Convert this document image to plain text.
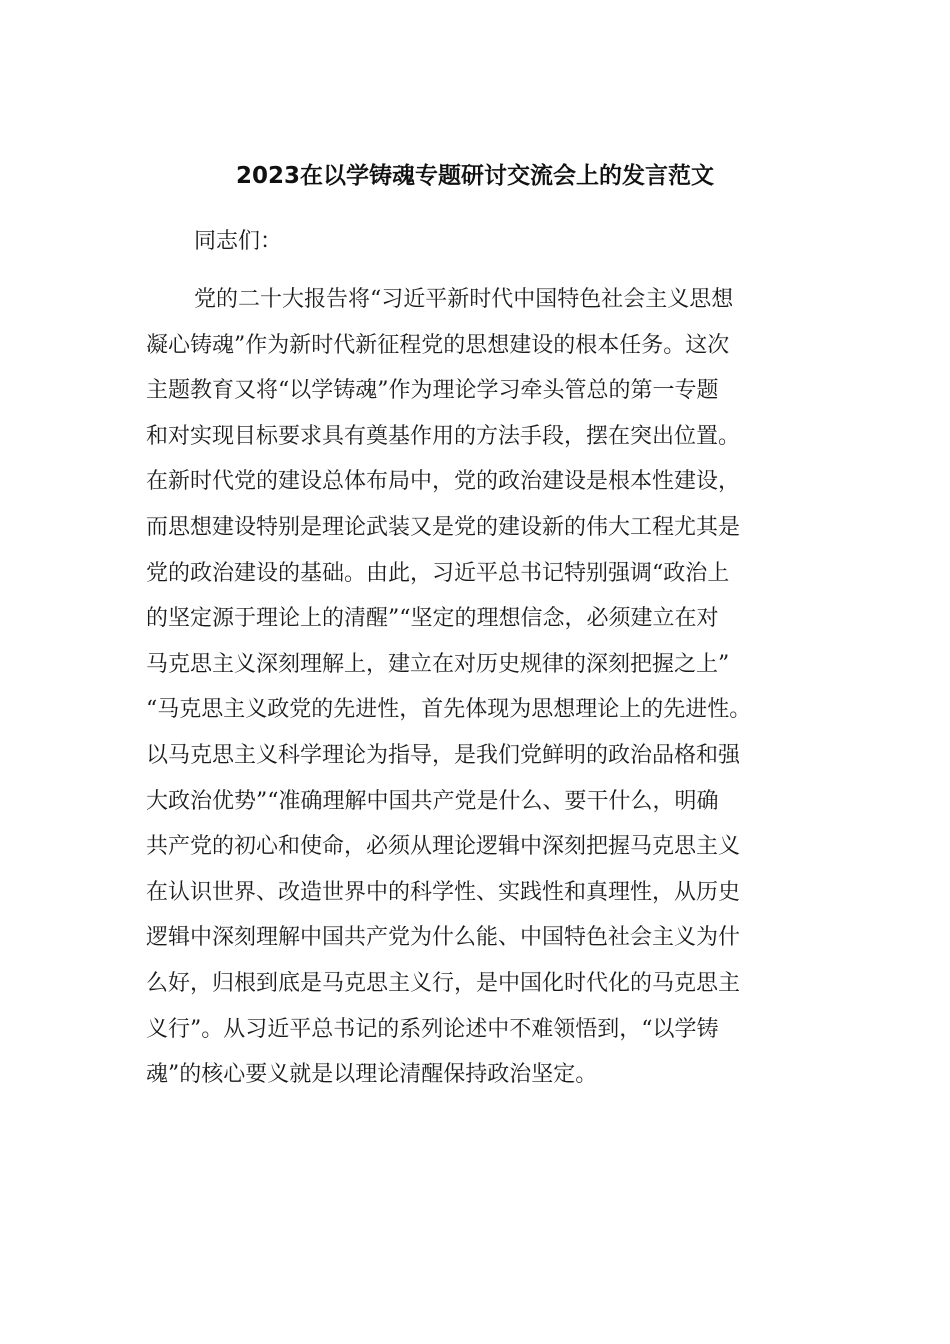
2023在以学铸魂专题研讨交流会上的发言范文

同志们：

党的二十大报告将“习近平新时代中国特色社会主义思想
凝心铸魂”作为新时代新征程党的思想建设的根本任务。这次
主题教育又将“以学铸魂”作为理论学习牵头管总的第一专题
和对实现目标要求具有奠基作用的方法手段，摆在突出位置。
在新时代党的建设总体布局中，党的政治建设是根本性建设，
而思想建设特别是理论武装又是党的建设新的伟大工程尤其是
党的政治建设的基础。由此，习近平总书记特别强调“政治上
的坚定源于理论上的清醒”“坚定的理想信念，必须建立在对
马克思主义深刻理解上，建立在对历史规律的深刻把握之上”
“马克思主义政党的先进性，首先体现为思想理论上的先进性。
以马克思主义科学理论为指导，是我们党鲜明的政治品格和强
大政治优势”“准确理解中国共产党是什么、要干什么，明确
共产党的初心和使命，必须从理论逻辑中深刻把握马克思主义
在认识世界、改造世界中的科学性、实践性和真理性，从历史
逻辑中深刻理解中国共产党为什么能、中国特色社会主义为什
么好，归根到底是马克思主义行，是中国化时代化的马克思主
义行”。从习近平总书记的系列论述中不难领悟到，“以学铸
魂”的核心要义就是以理论清醒保持政治坚定。
